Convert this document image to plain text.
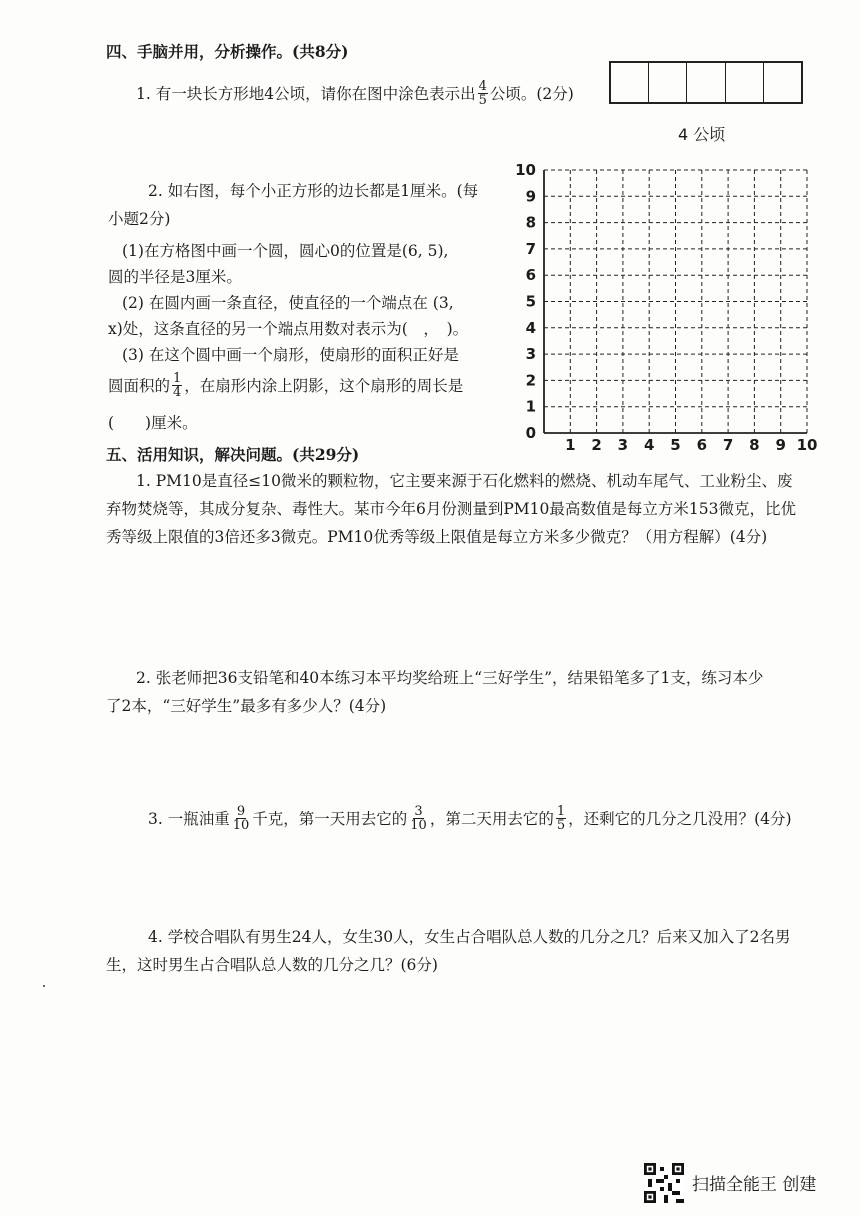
四、手脑并用，分析操作。(共8分)
1. 有一块长方形地4公顷，请你在图中涂色表示出 $\frac{4}{5}$ 公顷。(2分)
4 公顷
2. 如右图，每个小正方形的边长都是1厘米。(每
小题2分)
(1)在方格图中画一个圆，圆心0的位置是(6, 5),
圆的半径是3厘米。
(2) 在圆内画一条直径，使直径的一个端点在 (3,
x)处，这条直径的另一个端点用数对表示为(　，　)。
(3) 在这个圆中画一个扇形，使扇形的面积正好是
圆面积的 $\frac{1}{4}$ ，在扇形内涂上阴影，这个扇形的周长是
(　　)厘米。
10
9
8
7
6
5
4
3
2
1
0
1 2 3 4 5 6 7 8 9 10
五、活用知识，解决问题。(共29分)
1. PM10是直径≤10微米的颗粒物，它主要来源于石化燃料的燃烧、机动车尾气、工业粉尘、废
弃物焚烧等，其成分复杂、毒性大。某市今年6月份测量到PM10最高数值是每立方米153微克，比优
秀等级上限值的3倍还多3微克。PM10优秀等级上限值是每立方米多少微克？（用方程解）(4分)
2. 张老师把36支铅笔和40本练习本平均奖给班上“三好学生”，结果铅笔多了1支，练习本少
了2本，“三好学生”最多有多少人？(4分)
3. 一瓶油重 $\frac{9}{10}$ 千克，第一天用去它的 $\frac{3}{10}$ ，第二天用去它的 $\frac{1}{5}$ ，还剩它的几分之几没用？(4分)
4. 学校合唱队有男生24人，女生30人，女生占合唱队总人数的几分之几？后来又加入了2名男
生，这时男生占合唱队总人数的几分之几？(6分)
扫描全能王 创建
